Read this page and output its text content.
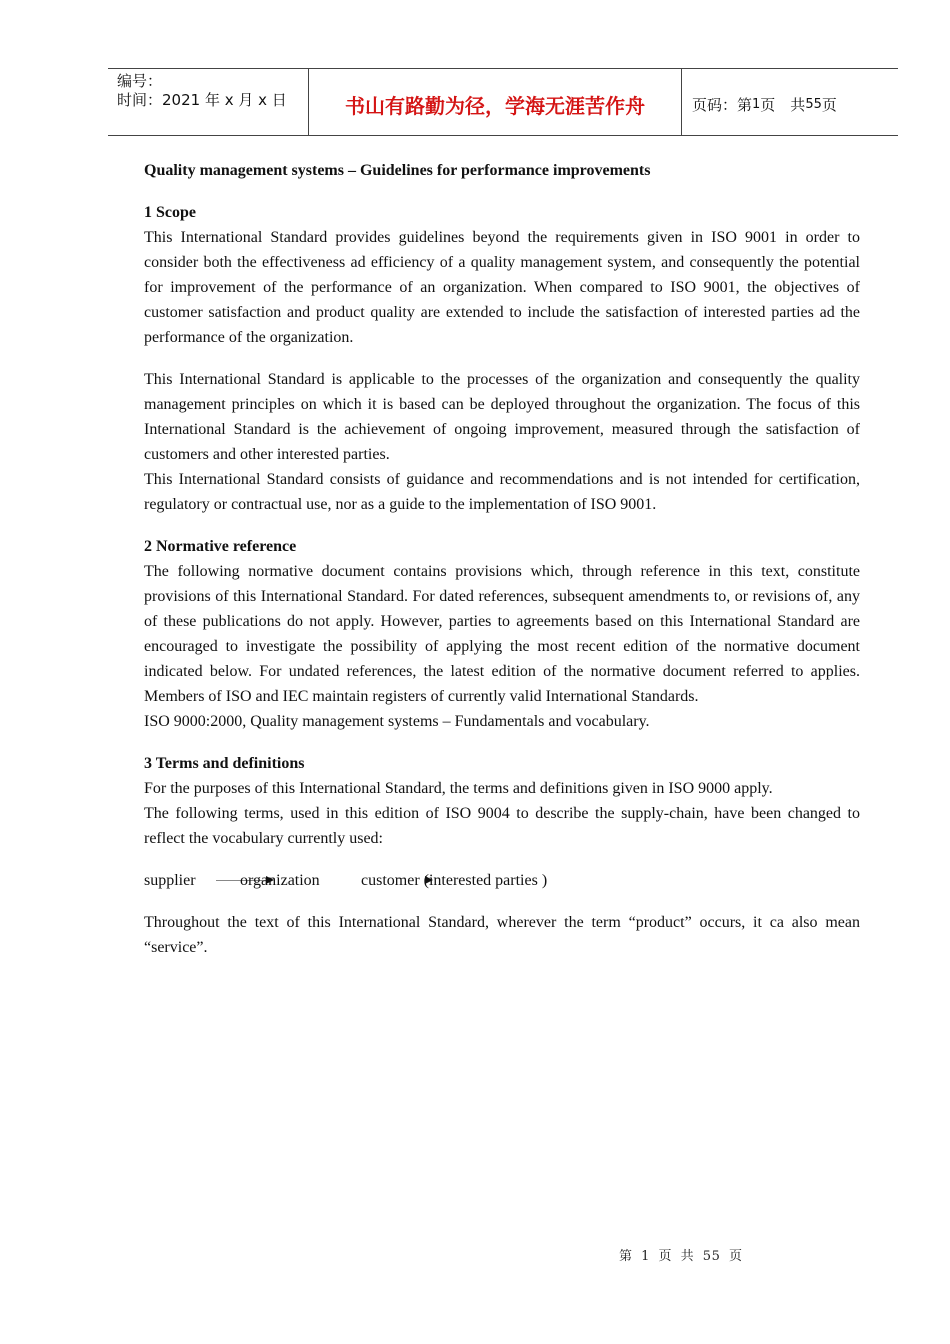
编号：
时间：2021 年 x 月 x 日	书山有路勤为径，学海无涯苦作舟	页码：第 1 页　共 55 页
Quality management systems – Guidelines for performance improvements
1 Scope

This International Standard provides guidelines beyond the requirements given in ISO 9001 in order to consider both the effectiveness ad efficiency of a quality management system, and consequently the potential for improvement of the performance of an organization. When compared to ISO 9001, the objectives of customer satisfaction and product quality are extended to include the satisfaction of interested parties ad the performance of the organization.

This International Standard is applicable to the processes of the organization and consequently the quality management principles on which it is based can be deployed throughout the organization. The focus of this International Standard is the achievement of ongoing improvement, measured through the satisfaction of customers and other interested parties.

This International Standard consists of guidance and recommendations and is not intended for certification, regulatory or contractual use, nor as a guide to the implementation of ISO 9001.

2 Normative reference

The following normative document contains provisions which, through reference in this text, constitute provisions of this International Standard. For dated references, subsequent amendments to, or revisions of, any of these publications do not apply. However, parties to agreements based on this International Standard are encouraged to investigate the possibility of applying the most recent edition of the normative document indicated below. For undated references, the latest edition of the normative document referred to applies. Members of ISO and IEC maintain registers of currently valid International Standards.

ISO 9000:2000, Quality management systems – Fundamentals and vocabulary.

3 Terms and definitions

For the purposes of this International Standard, the terms and definitions given in ISO 9000 apply.

The following terms, used in this edition of ISO 9004 to describe the supply-chain, have been changed to reflect the vocabulary currently used:

supplier	organization	customer (interested parties )

Throughout the text of this International Standard, wherever the term “product” occurs, it ca also mean “service”.

第 1 页 共 55 页
